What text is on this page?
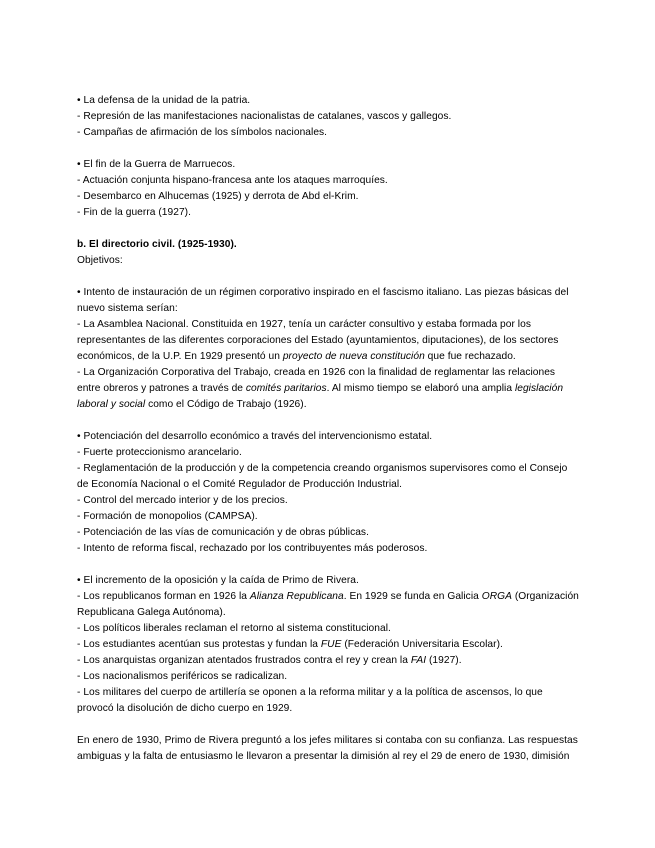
• La defensa de la unidad de la patria.
- Represión de las manifestaciones nacionalistas de catalanes, vascos y gallegos.
- Campañas de afirmación de los símbolos nacionales.
• El fin de la Guerra de Marruecos.
- Actuación conjunta hispano-francesa ante los ataques marroquíes.
- Desembarco en Alhucemas (1925) y derrota de Abd el-Krim.
- Fin de la guerra (1927).
b. El directorio civil. (1925-1930).
Objetivos:
• Intento de instauración de un régimen corporativo inspirado en el fascismo italiano. Las piezas básicas del
nuevo sistema serían:
- La Asamblea Nacional. Constituida en 1927, tenía un carácter consultivo y estaba formada por los
representantes de las diferentes corporaciones del Estado (ayuntamientos, diputaciones), de los sectores
económicos, de la U.P. En 1929 presentó un proyecto de nueva constitución que fue rechazado.
- La Organización Corporativa del Trabajo, creada en 1926 con la finalidad de reglamentar las relaciones
entre obreros y patrones a través de comités paritarios. Al mismo tiempo se elaboró una amplia legislación
laboral y social como el Código de Trabajo (1926).
• Potenciación del desarrollo económico a través del intervencionismo estatal.
- Fuerte proteccionismo arancelario.
- Reglamentación de la producción y de la competencia creando organismos supervisores como el Consejo
de Economía Nacional o el Comité Regulador de Producción Industrial.
- Control del mercado interior y de los precios.
- Formación de monopolios (CAMPSA).
- Potenciación de las vías de comunicación y de obras públicas.
- Intento de reforma fiscal, rechazado por los contribuyentes más poderosos.
• El incremento de la oposición y la caída de Primo de Rivera.
- Los republicanos forman en 1926 la Alianza Republicana. En 1929 se funda en Galicia ORGA (Organización
Republicana Galega Autónoma).
- Los políticos liberales reclaman el retorno al sistema constitucional.
- Los estudiantes acentúan sus protestas y fundan la FUE (Federación Universitaria Escolar).
- Los anarquistas organizan atentados frustrados contra el rey y crean la FAI (1927).
- Los nacionalismos periféricos se radicalizan.
- Los militares del cuerpo de artillería se oponen a la reforma militar y a la política de ascensos, lo que
provocó la disolución de dicho cuerpo en 1929.
En enero de 1930, Primo de Rivera preguntó a los jefes militares si contaba con su confianza. Las respuestas
ambiguas y la falta de entusiasmo le llevaron a presentar la dimisión al rey el 29 de enero de 1930, dimisión
